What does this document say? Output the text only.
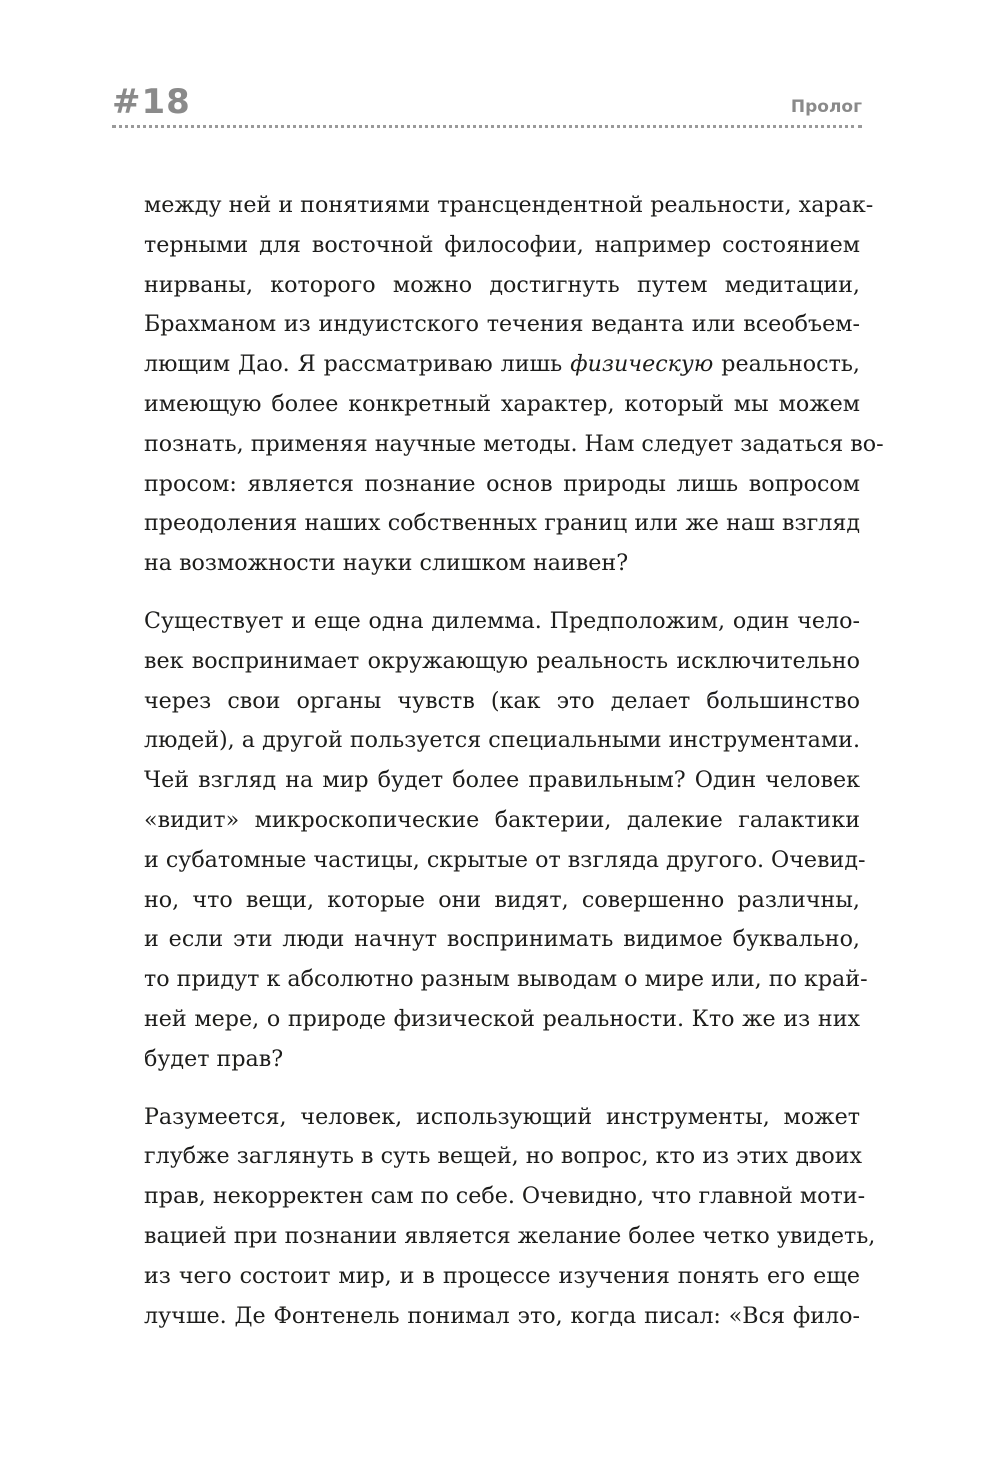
#18	Пролог
между ней и понятиями трансцендентной реальности, харак-
терными для восточной философии, например состоянием
нирваны, которого можно достигнуть путем медитации,
Брахманом из индуистского течения веданта или всеобъем-
лющим Дао. Я рассматриваю лишь физическую реальность,
имеющую более конкретный характер, который мы можем
познать, применяя научные методы. Нам следует задаться во-
просом: является познание основ природы лишь вопросом
преодоления наших собственных границ или же наш взгляд
на возможности науки слишком наивен?
Существует и еще одна дилемма. Предположим, один чело-
век воспринимает окружающую реальность исключительно
через свои органы чувств (как это делает большинство
людей), а другой пользуется специальными инструментами.
Чей взгляд на мир будет более правильным? Один человек
«видит» микроскопические бактерии, далекие галактики
и субатомные частицы, скрытые от взгляда другого. Очевид-
но, что вещи, которые они видят, совершенно различны,
и если эти люди начнут воспринимать видимое буквально,
то придут к абсолютно разным выводам о мире или, по край-
ней мере, о природе физической реальности. Кто же из них
будет прав?
Разумеется, человек, использующий инструменты, может
глубже заглянуть в суть вещей, но вопрос, кто из этих двоих
прав, некорректен сам по себе. Очевидно, что главной моти-
вацией при познании является желание более четко увидеть,
из чего состоит мир, и в процессе изучения понять его еще
лучше. Де Фонтенель понимал это, когда писал: «Вся фило-
